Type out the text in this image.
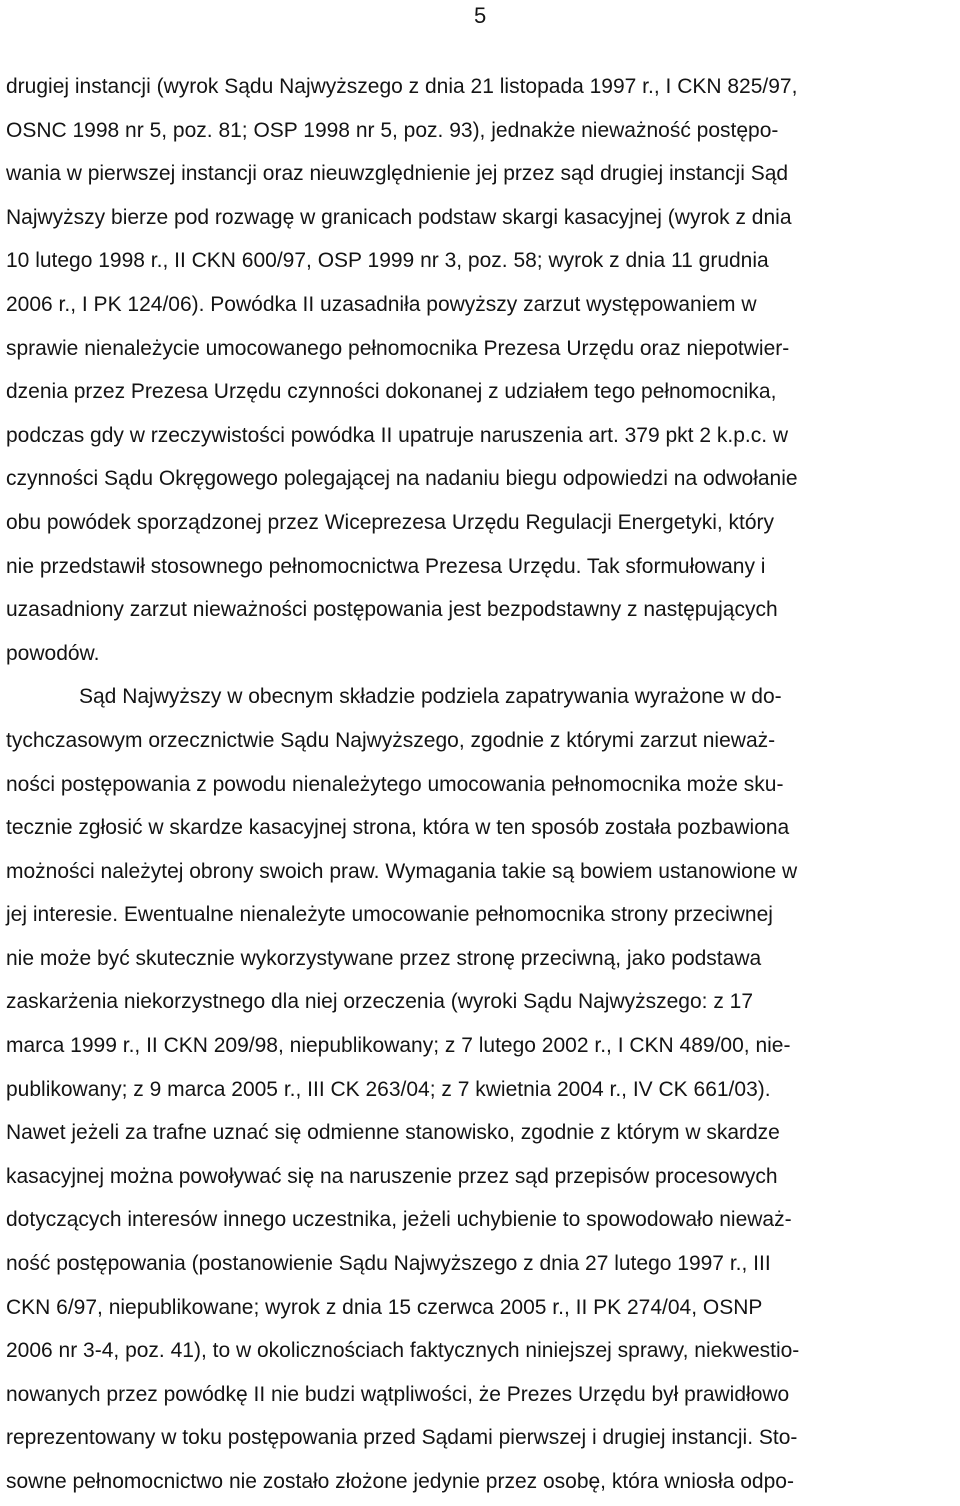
5
drugiej instancji (wyrok Sądu Najwyższego z dnia 21 listopada 1997 r., I CKN 825/97,
OSNC 1998 nr 5, poz. 81; OSP 1998 nr 5, poz. 93), jednakże nieważność postępo-
wania w pierwszej instancji oraz nieuwzględnienie jej przez sąd drugiej instancji Sąd
Najwyższy bierze pod rozwagę w granicach podstaw skargi kasacyjnej (wyrok z dnia
10 lutego 1998 r., II CKN 600/97, OSP 1999 nr 3, poz. 58; wyrok z dnia 11 grudnia
2006 r., I PK 124/06). Powódka II uzasadniła powyższy zarzut występowaniem w
sprawie nienależycie umocowanego pełnomocnika Prezesa Urzędu oraz niepotwier-
dzenia przez Prezesa Urzędu czynności dokonanej z udziałem tego pełnomocnika,
podczas gdy w rzeczywistości powódka II upatruje naruszenia art. 379 pkt 2 k.p.c. w
czynności Sądu Okręgowego polegającej na nadaniu biegu odpowiedzi na odwołanie
obu powódek sporządzonej przez Wiceprezesa Urzędu Regulacji Energetyki, który
nie przedstawił stosownego pełnomocnictwa Prezesa Urzędu. Tak sformułowany i
uzasadniony zarzut nieważności postępowania jest bezpodstawny z następujących
powodów.
Sąd Najwyższy w obecnym składzie podziela zapatrywania wyrażone w do-
tychczasowym orzecznictwie Sądu Najwyższego, zgodnie z którymi zarzut nieważ-
ności postępowania z powodu nienależytego umocowania pełnomocnika może sku-
tecznie zgłosić w skardze kasacyjnej strona, która w ten sposób została pozbawiona
możności należytej obrony swoich praw. Wymagania takie są bowiem ustanowione w
jej interesie. Ewentualne nienależyte umocowanie pełnomocnika strony przeciwnej
nie może być skutecznie wykorzystywane przez stronę przeciwną, jako podstawa
zaskarżenia niekorzystnego dla niej orzeczenia (wyroki Sądu Najwyższego: z 17
marca 1999 r., II CKN 209/98, niepublikowany; z 7 lutego 2002 r., I CKN 489/00, nie-
publikowany; z 9 marca 2005 r., III CK 263/04; z 7 kwietnia 2004 r., IV CK 661/03).
Nawet jeżeli za trafne uznać się odmienne stanowisko, zgodnie z którym w skardze
kasacyjnej można powoływać się na naruszenie przez sąd przepisów procesowych
dotyczących interesów innego uczestnika, jeżeli uchybienie to spowodowało nieważ-
ność postępowania (postanowienie Sądu Najwyższego z dnia 27 lutego 1997 r., III
CKN 6/97, niepublikowane; wyrok z dnia 15 czerwca 2005 r., II PK 274/04, OSNP
2006 nr 3-4, poz. 41), to w okolicznościach faktycznych niniejszej sprawy, niekwestio-
nowanych przez powódkę II nie budzi wątpliwości, że Prezes Urzędu był prawidłowo
reprezentowany w toku postępowania przed Sądami pierwszej i drugiej instancji. Sto-
sowne pełnomocnictwo nie zostało złożone jedynie przez osobę, która wniosła odpo-
